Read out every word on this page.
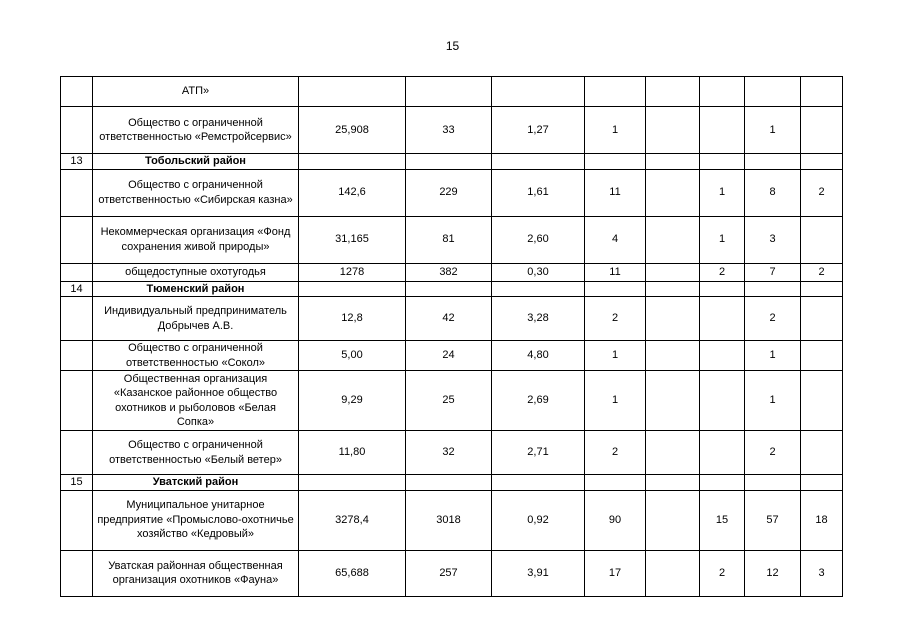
15
	АТП»								
	Общество с ограниченной ответственностью «Ремстройсервис»	25,908	33	1,27	1			1	
13	Тобольский район								
	Общество с ограниченной ответственностью «Сибирская казна»	142,6	229	1,61	11		1	8	2
	Некоммерческая организация «Фонд сохранения живой природы»	31,165	81	2,60	4		1	3	
	общедоступные охотугодья	1278	382	0,30	11		2	7	2
14	Тюменский район								
	Индивидуальный предприниматель Добрычев А.В.	12,8	42	3,28	2			2	
	Общество с ограниченной ответственностью «Сокол»	5,00	24	4,80	1			1	
	Общественная организация «Казанское районное общество охотников и рыболовов «Белая Сопка»	9,29	25	2,69	1			1	
	Общество с ограниченной ответственностью «Белый ветер»	11,80	32	2,71	2			2	
15	Уватский район								
	Муниципальное унитарное предприятие «Промыслово-охотничье хозяйство «Кедровый»	3278,4	3018	0,92	90		15	57	18
	Уватская районная общественная организация охотников «Фауна»	65,688	257	3,91	17		2	12	3
